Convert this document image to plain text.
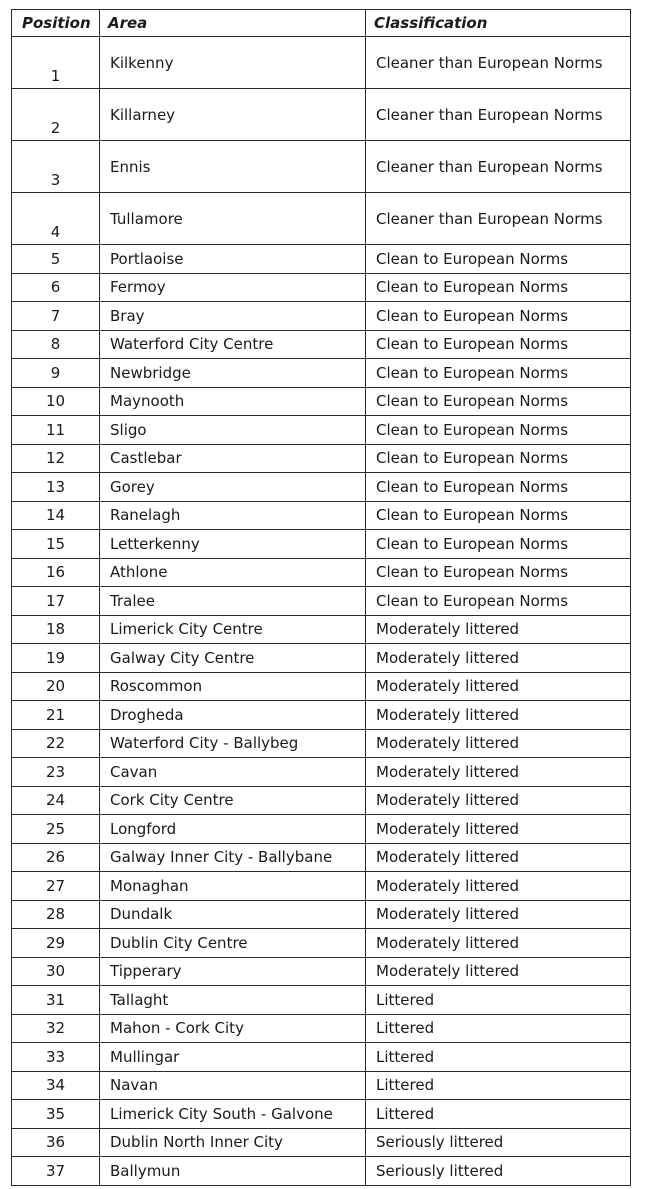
Position	Area	Classification
1	Kilkenny	Cleaner than European Norms
2	Killarney	Cleaner than European Norms
3	Ennis	Cleaner than European Norms
4	Tullamore	Cleaner than European Norms
5	Portlaoise	Clean to European Norms
6	Fermoy	Clean to European Norms
7	Bray	Clean to European Norms
8	Waterford City Centre	Clean to European Norms
9	Newbridge	Clean to European Norms
10	Maynooth	Clean to European Norms
11	Sligo	Clean to European Norms
12	Castlebar	Clean to European Norms
13	Gorey	Clean to European Norms
14	Ranelagh	Clean to European Norms
15	Letterkenny	Clean to European Norms
16	Athlone	Clean to European Norms
17	Tralee	Clean to European Norms
18	Limerick City Centre	Moderately littered
19	Galway City Centre	Moderately littered
20	Roscommon	Moderately littered
21	Drogheda	Moderately littered
22	Waterford City - Ballybeg	Moderately littered
23	Cavan	Moderately littered
24	Cork City Centre	Moderately littered
25	Longford	Moderately littered
26	Galway Inner City - Ballybane	Moderately littered
27	Monaghan	Moderately littered
28	Dundalk	Moderately littered
29	Dublin City Centre	Moderately littered
30	Tipperary	Moderately littered
31	Tallaght	Littered
32	Mahon - Cork City	Littered
33	Mullingar	Littered
34	Navan	Littered
35	Limerick City South - Galvone	Littered
36	Dublin North Inner City	Seriously littered
37	Ballymun	Seriously littered
